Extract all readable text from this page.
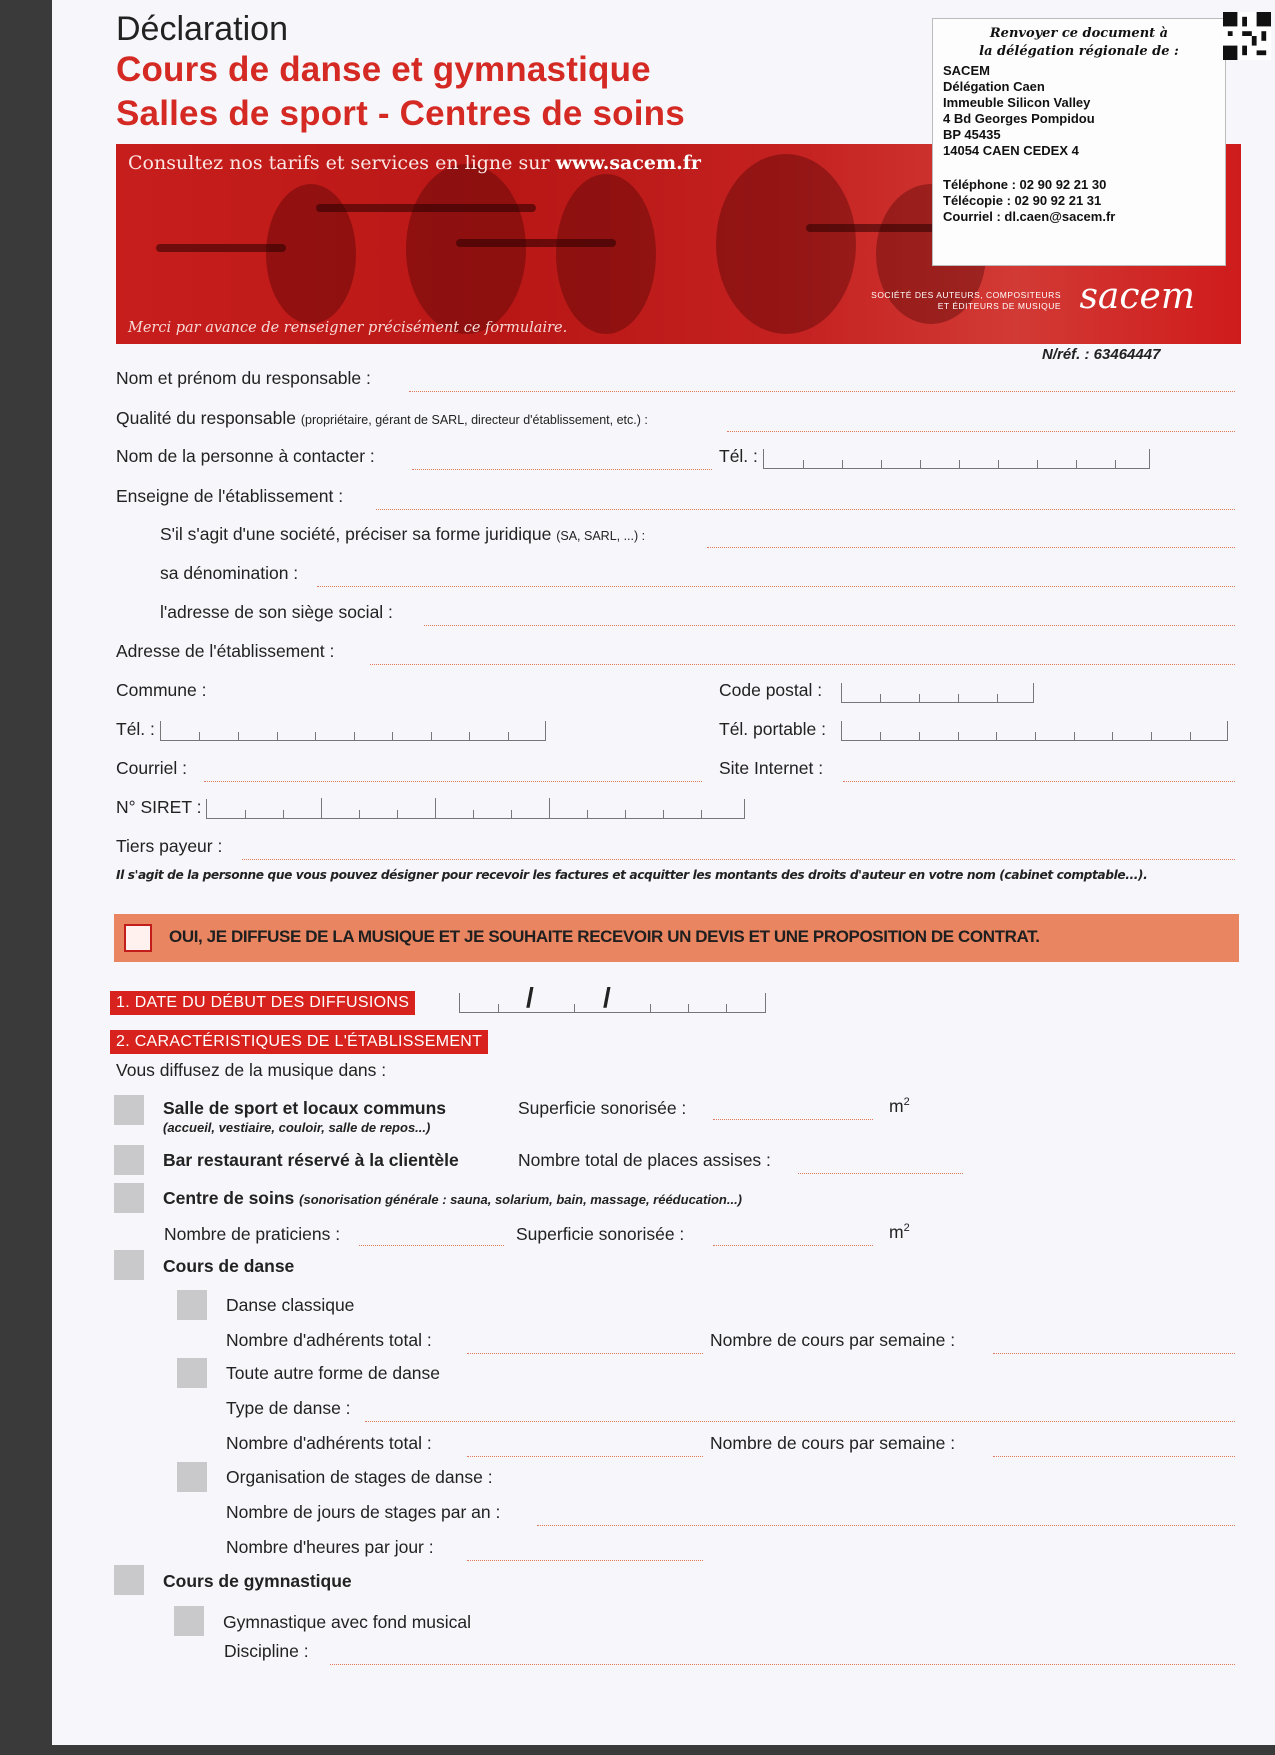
Déclaration
Cours de danse et gymnastique
Salles de sport - Centres de soins
Consultez nos tarifs et services en ligne sur www.sacem.fr
Merci par avance de renseigner précisément ce formulaire.
SOCIÉTÉ DES AUTEURS, COMPOSITEURS
ET ÉDITEURS DE MUSIQUE sacem
Renvoyer ce document à
la délégation régionale de :
SACEM
Délégation Caen
Immeuble Silicon Valley
4 Bd Georges Pompidou
BP 45435
14054 CAEN CEDEX 4
Téléphone : 02 90 92 21 30
Télécopie : 02 90 92 21 31
Courriel : dl.caen@sacem.fr
N/réf. : 63464447
Nom et prénom du responsable :
Qualité du responsable (propriétaire, gérant de SARL, directeur d'établissement, etc.) :
Nom de la personne à contacter :	Tél. :
Enseigne de l'établissement :
S'il s'agit d'une société, préciser sa forme juridique (SA, SARL, ...) :
sa dénomination :
l'adresse de son siège social :
Adresse de l'établissement :
Commune :	Code postal :
Tél. :	Tél. portable :
Courriel :	Site Internet :
N° SIRET :
Tiers payeur :
Il s'agit de la personne que vous pouvez désigner pour recevoir les factures et acquitter les montants des droits d'auteur en votre nom (cabinet comptable...).
OUI, JE DIFFUSE DE LA MUSIQUE ET JE SOUHAITE RECEVOIR UN DEVIS ET UNE PROPOSITION DE CONTRAT.
1. DATE DU DÉBUT DES DIFFUSIONS	/ /
2. CARACTÉRISTIQUES DE L'ÉTABLISSEMENT
Vous diffusez de la musique dans :
Salle de sport et locaux communs
(accueil, vestiaire, couloir, salle de repos...)
Superficie sonorisée :	$m^2$
Bar restaurant réservé à la clientèle	Nombre total de places assises :
Centre de soins (sonorisation générale : sauna, solarium, bain, massage, rééducation...)
Nombre de praticiens :	Superficie sonorisée :	$m^2$
Cours de danse
Danse classique
Nombre d'adhérents total :	Nombre de cours par semaine :
Toute autre forme de danse
Type de danse :
Nombre d'adhérents total :	Nombre de cours par semaine :
Organisation de stages de danse :
Nombre de jours de stages par an :
Nombre d'heures par jour :
Cours de gymnastique
Gymnastique avec fond musical
Discipline :
